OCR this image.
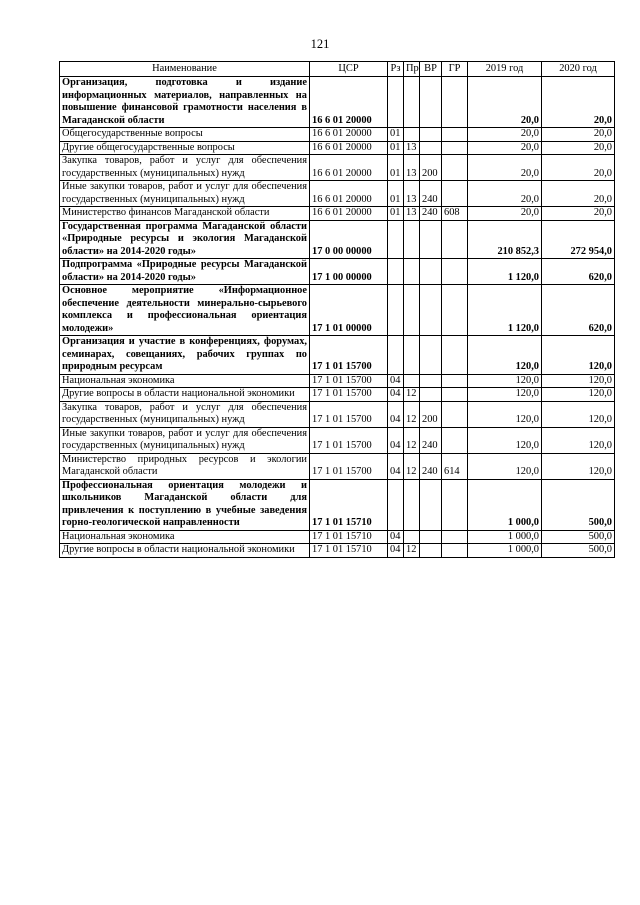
121
Наименование	ЦСР	Рз	Пр	ВР	ГР	2019 год	2020 год
Организация, подготовка и издание информационных материалов, направленных на повышение финансовой грамотности населения в Магаданской области	16 6 01 20000					20,0	20,0
Общегосударственные вопросы	16 6 01 20000	01				20,0	20,0
Другие общегосударственные вопросы	16 6 01 20000	01	13			20,0	20,0
Закупка товаров, работ и услуг для обеспечения государственных (муниципальных) нужд	16 6 01 20000	01	13	200		20,0	20,0
Иные закупки товаров, работ и услуг для обеспечения государственных (муниципальных) нужд	16 6 01 20000	01	13	240		20,0	20,0
Министерство финансов Магаданской области	16 6 01 20000	01	13	240	608	20,0	20,0
Государственная программа Магаданской области «Природные ресурсы и экология Магаданской области» на 2014-2020 годы»	17 0 00 00000					210 852,3	272 954,0
Подпрограмма «Природные ресурсы Магаданской области» на 2014-2020 годы»	17 1 00 00000					1 120,0	620,0
Основное мероприятие «Информационное обеспечение деятельности минерально-сырьевого комплекса и профессиональная ориентация молодежи»	17 1 01 00000					1 120,0	620,0
Организация и участие в конференциях, форумах, семинарах, совещаниях, рабочих группах по природным ресурсам	17 1 01 15700					120,0	120,0
Национальная экономика	17 1 01 15700	04				120,0	120,0
Другие вопросы в области национальной экономики	17 1 01 15700	04	12			120,0	120,0
Закупка товаров, работ и услуг для обеспечения государственных (муниципальных) нужд	17 1 01 15700	04	12	200		120,0	120,0
Иные закупки товаров, работ и услуг для обеспечения государственных (муниципальных) нужд	17 1 01 15700	04	12	240		120,0	120,0
Министерство природных ресурсов и экологии Магаданской области	17 1 01 15700	04	12	240	614	120,0	120,0
Профессиональная ориентация молодежи и школьников Магаданской области для привлечения к поступлению в учебные заведения горно-геологической направленности	17 1 01 15710					1 000,0	500,0
Национальная экономика	17 1 01 15710	04				1 000,0	500,0
Другие вопросы в области национальной экономики	17 1 01 15710	04	12			1 000,0	500,0
